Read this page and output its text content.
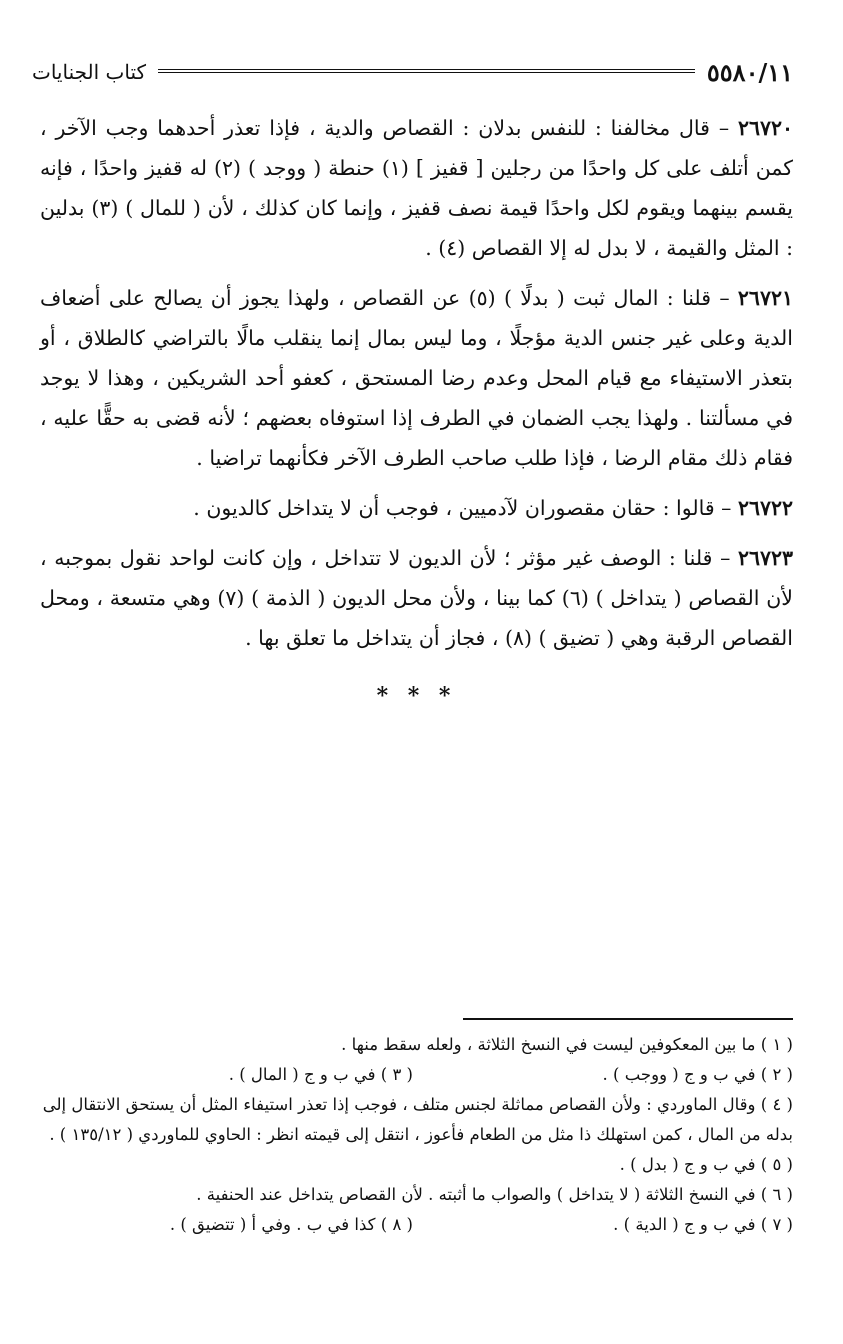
كتاب الجنايات	٥٥٨٠/١١

٢٦٧٢٠ – قال مخالفنا : للنفس بدلان : القصاص والدية ، فإذا تعذر أحدهما وجب الآخر ، كمن أتلف على كل واحدًا من رجلين [ قفيز ] (١) حنطة ( ووجد ) (٢) له قفيز واحدًا ، فإنه يقسم بينهما ويقوم لكل واحدًا قيمة نصف قفيز ، وإنما كان كذلك ، لأن ( للمال ) (٣) بدلين : المثل والقيمة ، لا بدل له إلا القصاص (٤) .

٢٦٧٢١ – قلنا : المال ثبت ( بدلًا ) (٥) عن القصاص ، ولهذا يجوز أن يصالح على أضعاف الدية وعلى غير جنس الدية مؤجلًا ، وما ليس بمال إنما ينقلب مالًا بالتراضي كالطلاق ، أو بتعذر الاستيفاء مع قيام المحل وعدم رضا المستحق ، كعفو أحد الشريكين ، وهذا لا يوجد في مسألتنا . ولهذا يجب الضمان في الطرف إذا استوفاه بعضهم ؛ لأنه قضى به حقًّا عليه ، فقام ذلك مقام الرضا ، فإذا طلب صاحب الطرف الآخر فكأنهما تراضيا .

٢٦٧٢٢ – قالوا : حقان مقصوران لآدميين ، فوجب أن لا يتداخل كالديون .

٢٦٧٢٣ – قلنا : الوصف غير مؤثر ؛ لأن الديون لا تتداخل ، وإن كانت لواحد نقول بموجبه ، لأن القصاص ( يتداخل ) (٦) كما بينا ، ولأن محل الديون ( الذمة ) (٧) وهي متسعة ، ومحل القصاص الرقبة وهي ( تضيق ) (٨) ، فجاز أن يتداخل ما تعلق بها .

* * *

( ١ ) ما بين المعكوفين ليست في النسخ الثلاثة ، ولعله سقط منها .

( ٢ ) في ب و ج ( ووجب ) .
( ٣ ) في ب و ج ( المال ) .

( ٤ ) وقال الماوردي : ولأن القصاص مماثلة لجنس متلف ، فوجب إذا تعذر استيفاء المثل أن يستحق الانتقال إلى بدله من المال ، كمن استهلك ذا مثل من الطعام فأعوز ، انتقل إلى قيمته انظر : الحاوي للماوردي ( ١٣٥/١٢ ) .

( ٥ ) في ب و ج ( بدل ) .

( ٦ ) في النسخ الثلاثة ( لا يتداخل ) والصواب ما أثبته . لأن القصاص يتداخل عند الحنفية .

( ٧ ) في ب و ج ( الدية ) .
( ٨ ) كذا في ب . وفي أ ( تتضيق ) .
